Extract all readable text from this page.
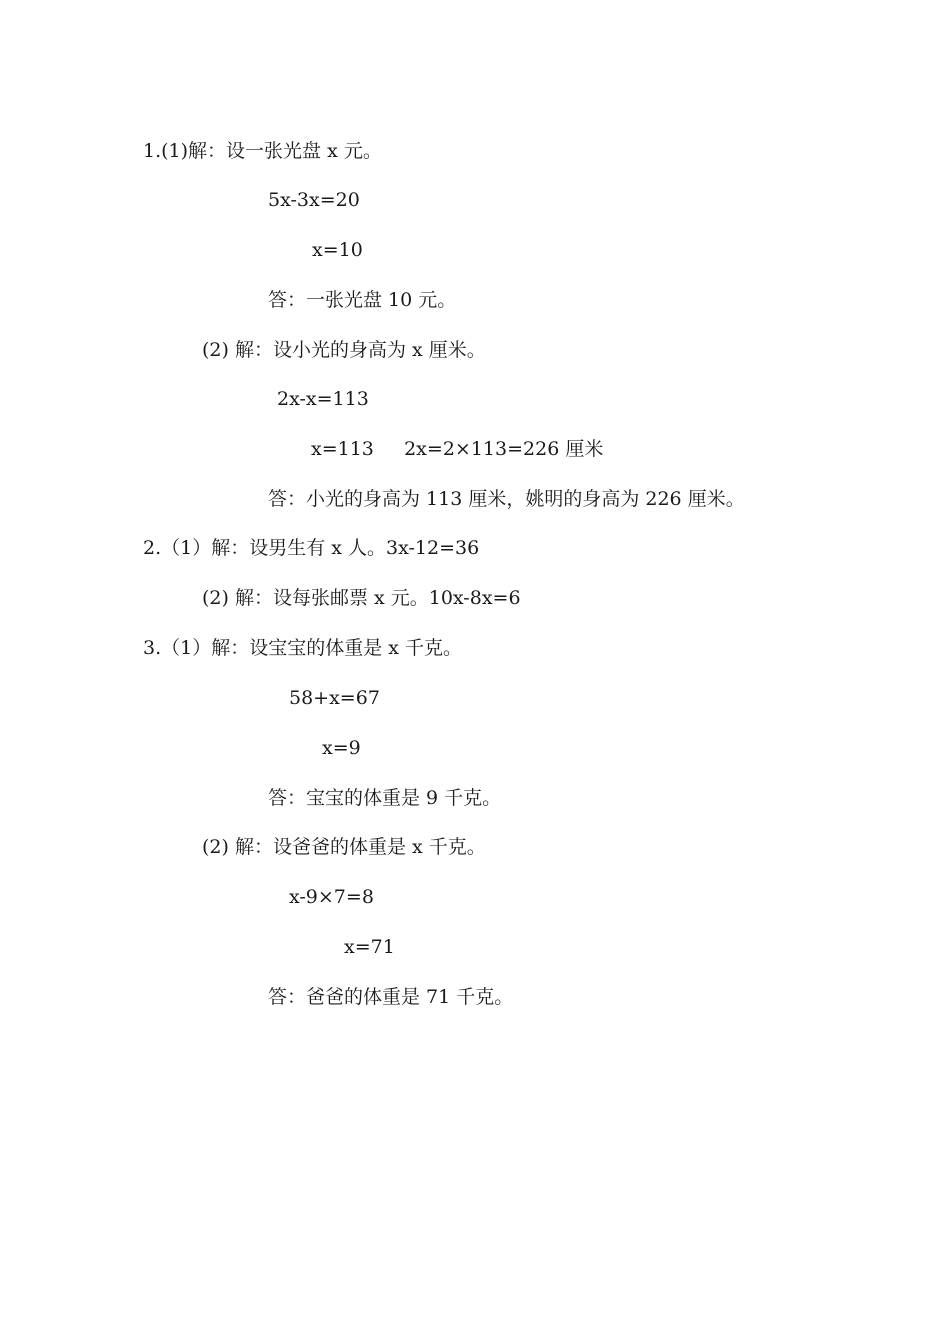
1.(1)解：设一张光盘 x 元。
5x-3x=20
x=10
答：一张光盘 10 元。
(2) 解：设小光的身高为 x 厘米。
2x-x=113
x=113     2x=2×113=226 厘米
答：小光的身高为 113 厘米，姚明的身高为 226 厘米。
2.（1）解：设男生有 x 人。3x-12=36
(2) 解：设每张邮票 x 元。10x-8x=6
3.（1）解：设宝宝的体重是 x 千克。
58+x=67
x=9
答：宝宝的体重是 9 千克。
(2) 解：设爸爸的体重是 x 千克。
x-9×7=8
x=71
答：爸爸的体重是 71 千克。
